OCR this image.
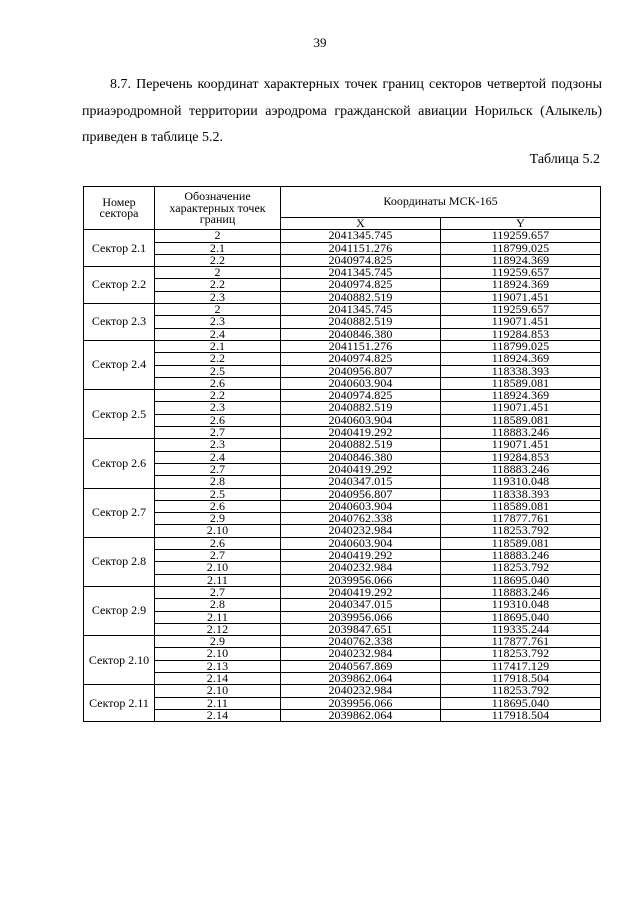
39

8.7. Перечень координат характерных точек границ секторов четвертой подзоны приаэродромной территории аэродрома гражданской авиации Норильск (Алыкель) приведен в таблице 5.2.

Таблица 5.2
Номер сектора	Обозначение характерных точек границ	Координаты МСК-165	
		X	Y
Сектор 2.1	2	2041345.745	119259.657
	2.1	2041151.276	118799.025
	2.2	2040974.825	118924.369
Сектор 2.2	2	2041345.745	119259.657
	2.2	2040974.825	118924.369
	2.3	2040882.519	119071.451
Сектор 2.3	2	2041345.745	119259.657
	2.3	2040882.519	119071.451
	2.4	2040846.380	119284.853
Сектор 2.4	2.1	2041151.276	118799.025
	2.2	2040974.825	118924.369
	2.5	2040956.807	118338.393
	2.6	2040603.904	118589.081
Сектор 2.5	2.2	2040974.825	118924.369
	2.3	2040882.519	119071.451
	2.6	2040603.904	118589.081
	2.7	2040419.292	118883.246
Сектор 2.6	2.3	2040882.519	119071.451
	2.4	2040846.380	119284.853
	2.7	2040419.292	118883.246
	2.8	2040347.015	119310.048
Сектор 2.7	2.5	2040956.807	118338.393
	2.6	2040603.904	118589.081
	2.9	2040762.338	117877.761
	2.10	2040232.984	118253.792
Сектор 2.8	2.6	2040603.904	118589.081
	2.7	2040419.292	118883.246
	2.10	2040232.984	118253.792
	2.11	2039956.066	118695.040
Сектор 2.9	2.7	2040419.292	118883.246
	2.8	2040347.015	119310.048
	2.11	2039956.066	118695.040
	2.12	2039847.651	119335.244
Сектор 2.10	2.9	2040762.338	117877.761
	2.10	2040232.984	118253.792
	2.13	2040567.869	117417.129
	2.14	2039862.064	117918.504
Сектор 2.11	2.10	2040232.984	118253.792
	2.11	2039956.066	118695.040
	2.14	2039862.064	117918.504
